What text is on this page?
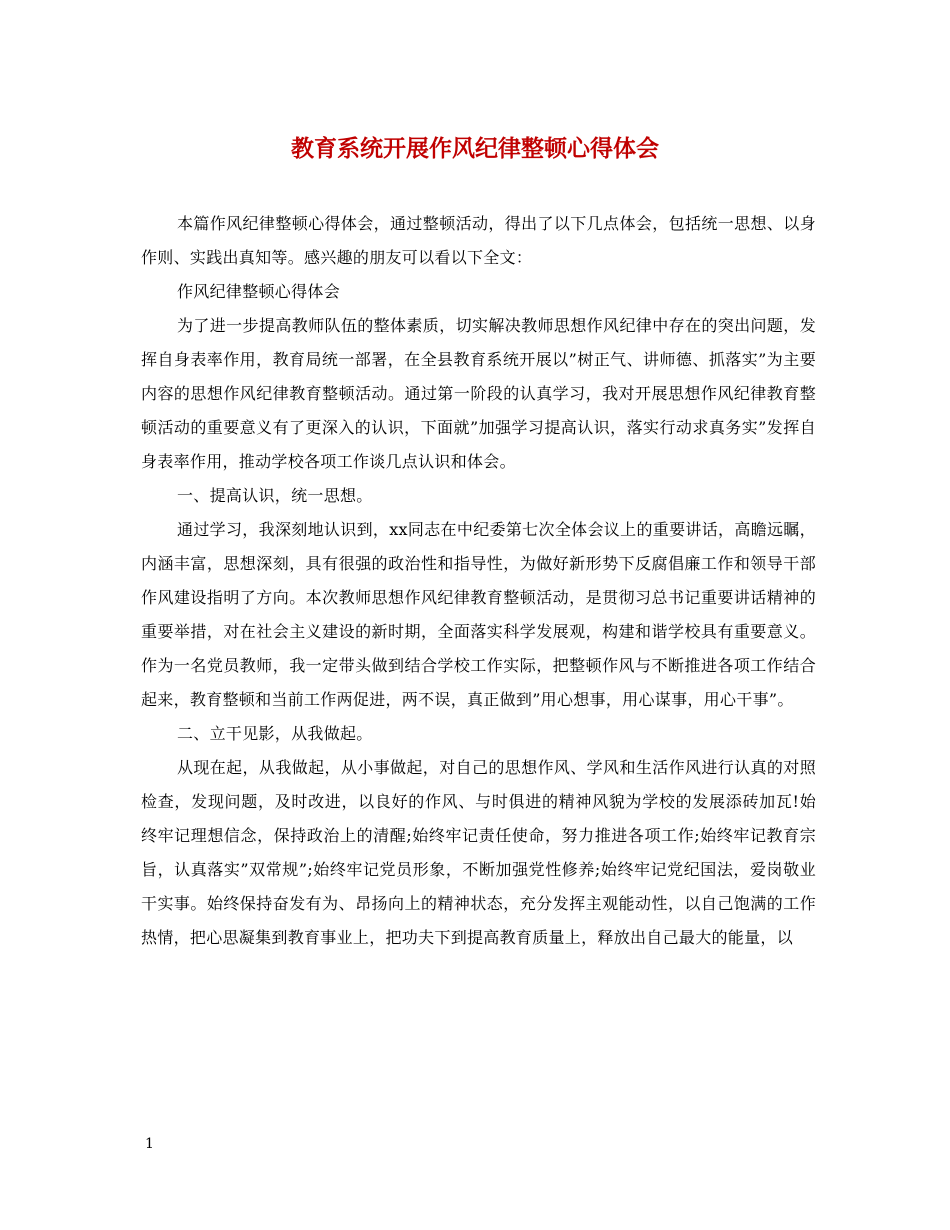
教育系统开展作风纪律整顿心得体会

本篇作风纪律整顿心得体会，通过整顿活动，得出了以下几点体会，包括统一思想、以身作则、实践出真知等。感兴趣的朋友可以看以下全文：

作风纪律整顿心得体会

为了进一步提高教师队伍的整体素质，切实解决教师思想作风纪律中存在的突出问题，发挥自身表率作用，教育局统一部署，在全县教育系统开展以”树正气、讲师德、抓落实”为主要内容的思想作风纪律教育整顿活动。通过第一阶段的认真学习，我对开展思想作风纪律教育整顿活动的重要意义有了更深入的认识，下面就”加强学习提高认识，落实行动求真务实”发挥自身表率作用，推动学校各项工作谈几点认识和体会。

一、提高认识，统一思想。

通过学习，我深刻地认识到，xx同志在中纪委第七次全体会议上的重要讲话，高瞻远瞩，内涵丰富，思想深刻，具有很强的政治性和指导性，为做好新形势下反腐倡廉工作和领导干部作风建设指明了方向。本次教师思想作风纪律教育整顿活动，是贯彻习总书记重要讲话精神的重要举措，对在社会主义建设的新时期，全面落实科学发展观，构建和谐学校具有重要意义。作为一名党员教师，我一定带头做到结合学校工作实际，把整顿作风与不断推进各项工作结合起来，教育整顿和当前工作两促进，两不误，真正做到”用心想事，用心谋事，用心干事”。

二、立干见影，从我做起。

从现在起，从我做起，从小事做起，对自己的思想作风、学风和生活作风进行认真的对照检查，发现问题，及时改进，以良好的作风、与时俱进的精神风貌为学校的发展添砖加瓦!始终牢记理想信念，保持政治上的清醒;始终牢记责任使命，努力推进各项工作;始终牢记教育宗旨，认真落实”双常规”;始终牢记党员形象，不断加强党性修养;始终牢记党纪国法，爱岗敬业干实事。始终保持奋发有为、昂扬向上的精神状态，充分发挥主观能动性，以自己饱满的工作热情，把心思凝集到教育事业上，把功夫下到提高教育质量上，释放出自己最大的能量，以

1
